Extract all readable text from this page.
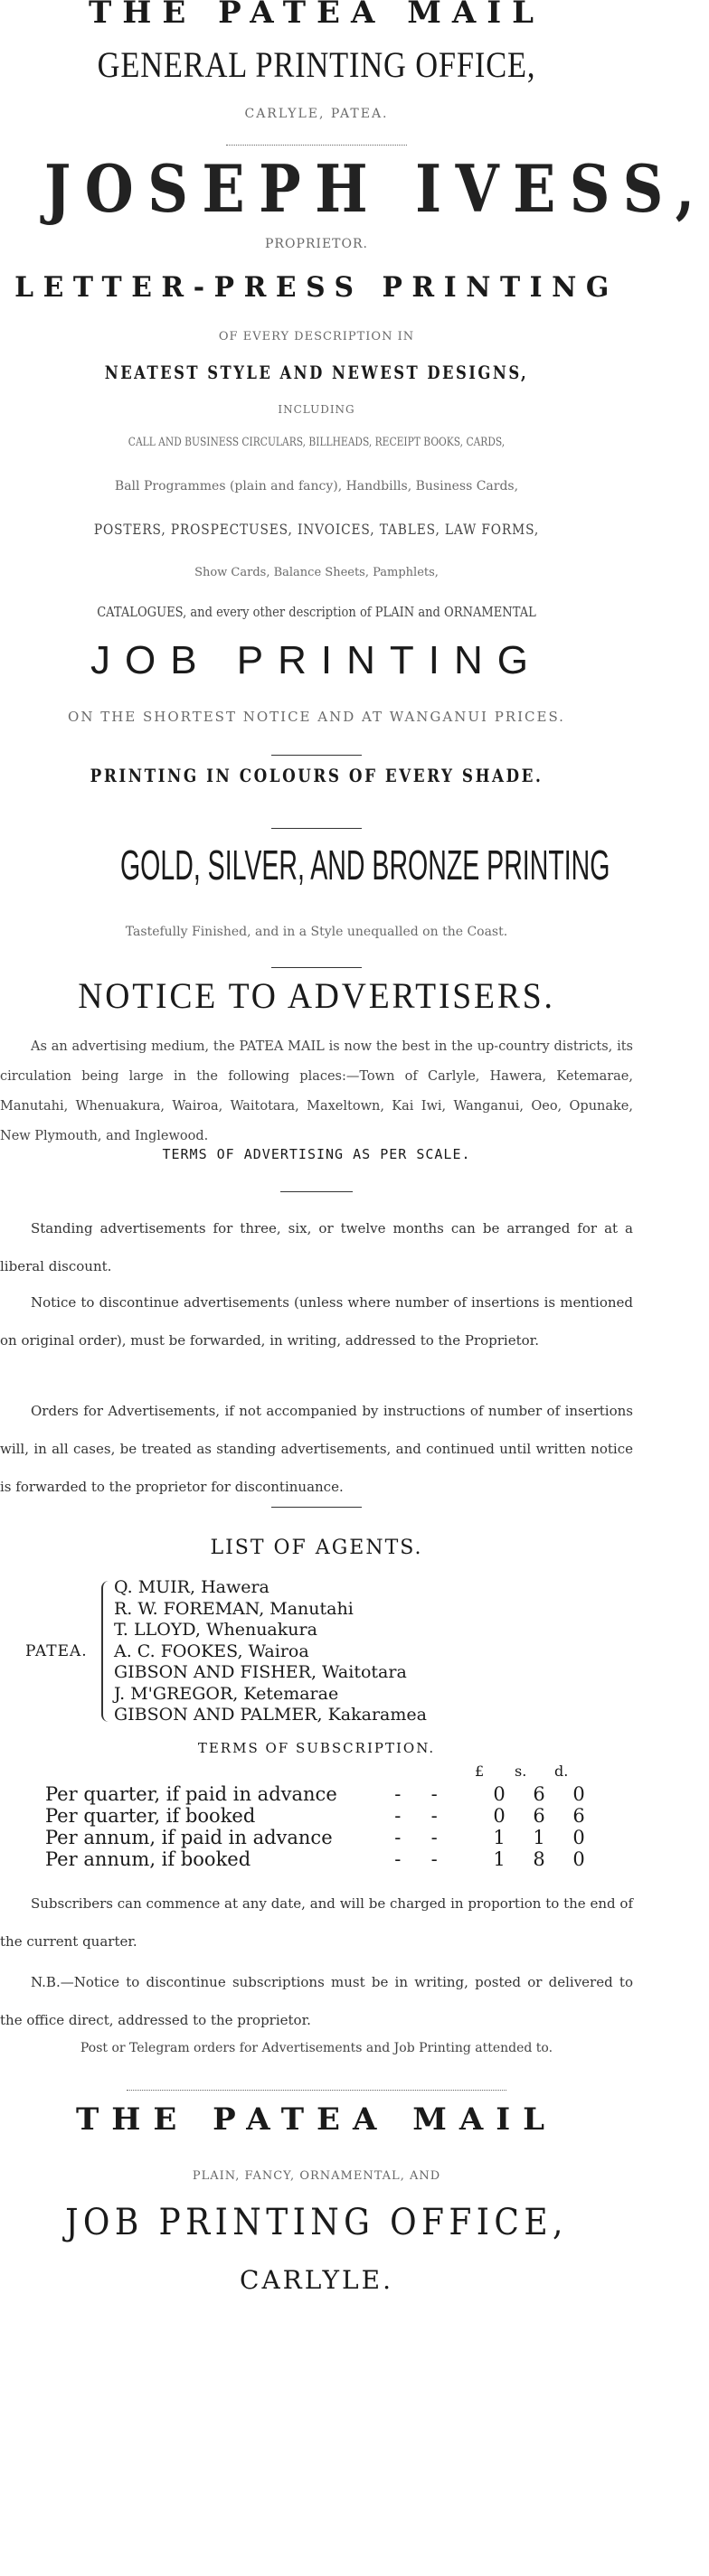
THE PATEA MAIL
GENERAL PRINTING OFFICE,
CARLYLE, PATEA.
JOSEPH IVESS,
PROPRIETOR.
LETTER-PRESS PRINTING
OF EVERY DESCRIPTION IN
NEATEST STYLE AND NEWEST DESIGNS,
INCLUDING
CALL AND BUSINESS CIRCULARS, BILLHEADS, RECEIPT BOOKS, CARDS,
Ball Programmes (plain and fancy), Handbills, Business Cards,
POSTERS, PROSPECTUSES, INVOICES, TABLES, LAW FORMS,
Show Cards, Balance Sheets, Pamphlets,
CATALOGUES, and every other description of PLAIN and ORNAMENTAL
JOB PRINTING
ON THE SHORTEST NOTICE AND AT WANGANUI PRICES.
PRINTING IN COLOURS OF EVERY SHADE.
GOLD, SILVER, AND BRONZE PRINTING
Tastefully Finished, and in a Style unequalled on the Coast.
NOTICE TO ADVERTISERS.

As an advertising medium, the PATEA MAIL is now the best in the up-country districts, its circulation being large in the following places:—Town of Carlyle, Hawera, Ketemarae, Manutahi, Whenuakura, Wairoa, Waitotara, Maxeltown, Kai Iwi, Wanganui, Oeo, Opunake, New Plymouth, and Inglewood.

TERMS OF ADVERTISING AS PER SCALE.

Standing advertisements for three, six, or twelve months can be arranged for at a liberal discount.

Notice to discontinue advertisements (unless where number of insertions is mentioned on original order), must be forwarded, in writing, addressed to the Proprietor.

Orders for Advertisements, if not accompanied by instructions of number of insertions will, in all cases, be treated as standing advertisements, and continued until written notice is forwarded to the proprietor for discontinuance.

LIST OF AGENTS.
PATEA.
Q. MUIR, Hawera
R. W. FOREMAN, Manutahi
T. LLOYD, Whenuakura
A. C. FOOKES, Wairoa
GIBSON AND FISHER, Waitotara
J. M'GREGOR, Ketemarae
GIBSON AND PALMER, Kakaramea
TERMS OF SUBSCRIPTION.
£ s. d.
Per quarter, if paid in advance	-     -	0	6	0
Per quarter, if booked	-     -	0	6	6
Per annum, if paid in advance	-     -	1	1	0
Per annum, if booked	-     -	1	8	0

Subscribers can commence at any date, and will be charged in proportion to the end of the current quarter.

N.B.—Notice to discontinue subscriptions must be in writing, posted or delivered to the office direct, addressed to the proprietor.

Post or Telegram orders for Advertisements and Job Printing attended to.
THE PATEA MAIL
PLAIN, FANCY, ORNAMENTAL, AND
JOB PRINTING OFFICE,
CARLYLE.
